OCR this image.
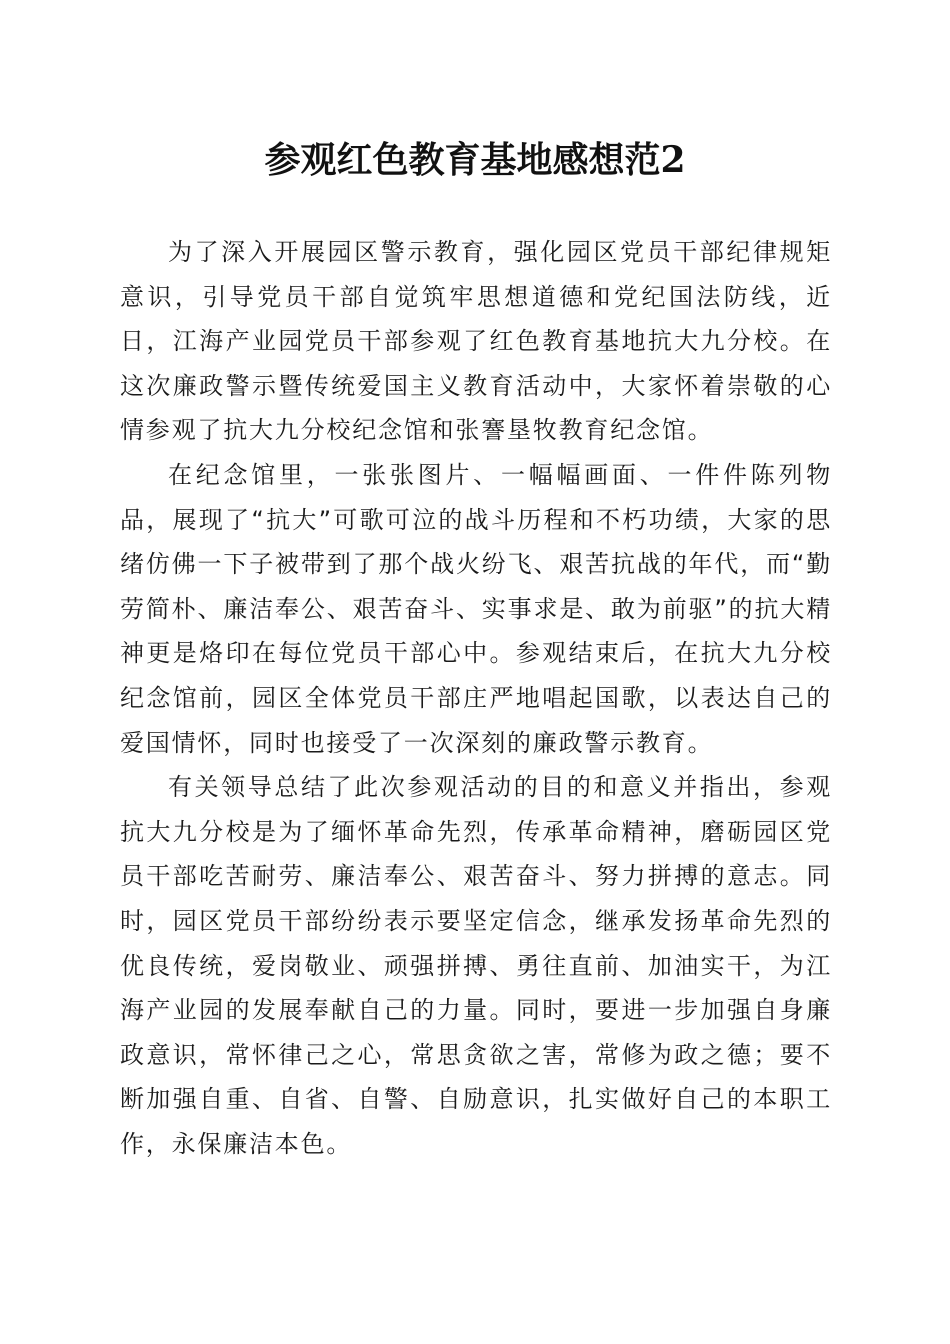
参观红色教育基地感想范2

为了深入开展园区警示教育，强化园区党员干部纪律规矩意识，引导党员干部自觉筑牢思想道德和党纪国法防线，近日，江海产业园党员干部参观了红色教育基地抗大九分校。在这次廉政警示暨传统爱国主义教育活动中，大家怀着崇敬的心情参观了抗大九分校纪念馆和张謇垦牧教育纪念馆。

在纪念馆里，一张张图片、一幅幅画面、一件件陈列物品，展现了“抗大”可歌可泣的战斗历程和不朽功绩，大家的思绪仿佛一下子被带到了那个战火纷飞、艰苦抗战的年代，而“勤劳简朴、廉洁奉公、艰苦奋斗、实事求是、敢为前驱”的抗大精神更是烙印在每位党员干部心中。参观结束后，在抗大九分校纪念馆前，园区全体党员干部庄严地唱起国歌，以表达自己的爱国情怀，同时也接受了一次深刻的廉政警示教育。

有关领导总结了此次参观活动的目的和意义并指出，参观抗大九分校是为了缅怀革命先烈，传承革命精神，磨砺园区党员干部吃苦耐劳、廉洁奉公、艰苦奋斗、努力拼搏的意志。同时，园区党员干部纷纷表示要坚定信念，继承发扬革命先烈的优良传统，爱岗敬业、顽强拼搏、勇往直前、加油实干，为江海产业园的发展奉献自己的力量。同时，要进一步加强自身廉政意识，常怀律己之心，常思贪欲之害，常修为政之德；要不断加强自重、自省、自警、自励意识，扎实做好自己的本职工作，永保廉洁本色。
